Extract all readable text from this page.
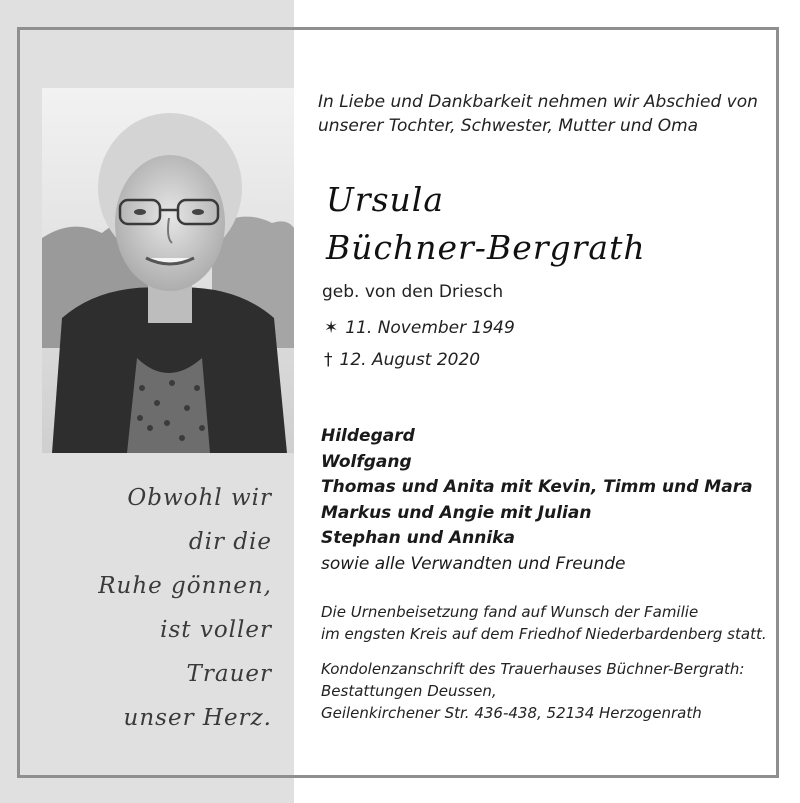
Obwohl wir
dir die
Ruhe gönnen,
ist voller
Trauer
unser Herz.
In Liebe und Dankbarkeit nehmen wir Abschied von
unserer Tochter, Schwester, Mutter und Oma
Ursula
Büchner-Bergrath
geb. von den Driesch
✶ 11. November 1949
† 12. August 2020
Hildegard
Wolfgang
Thomas und Anita mit Kevin, Timm und Mara
Markus und Angie mit Julian
Stephan und Annika
sowie alle Verwandten und Freunde
Die Urnenbeisetzung fand auf Wunsch der Familie
im engsten Kreis auf dem Friedhof Niederbardenberg statt.
Kondolenzanschrift des Trauerhauses Büchner-Bergrath:
Bestattungen Deussen,
Geilenkirchener Str. 436-438, 52134 Herzogenrath
